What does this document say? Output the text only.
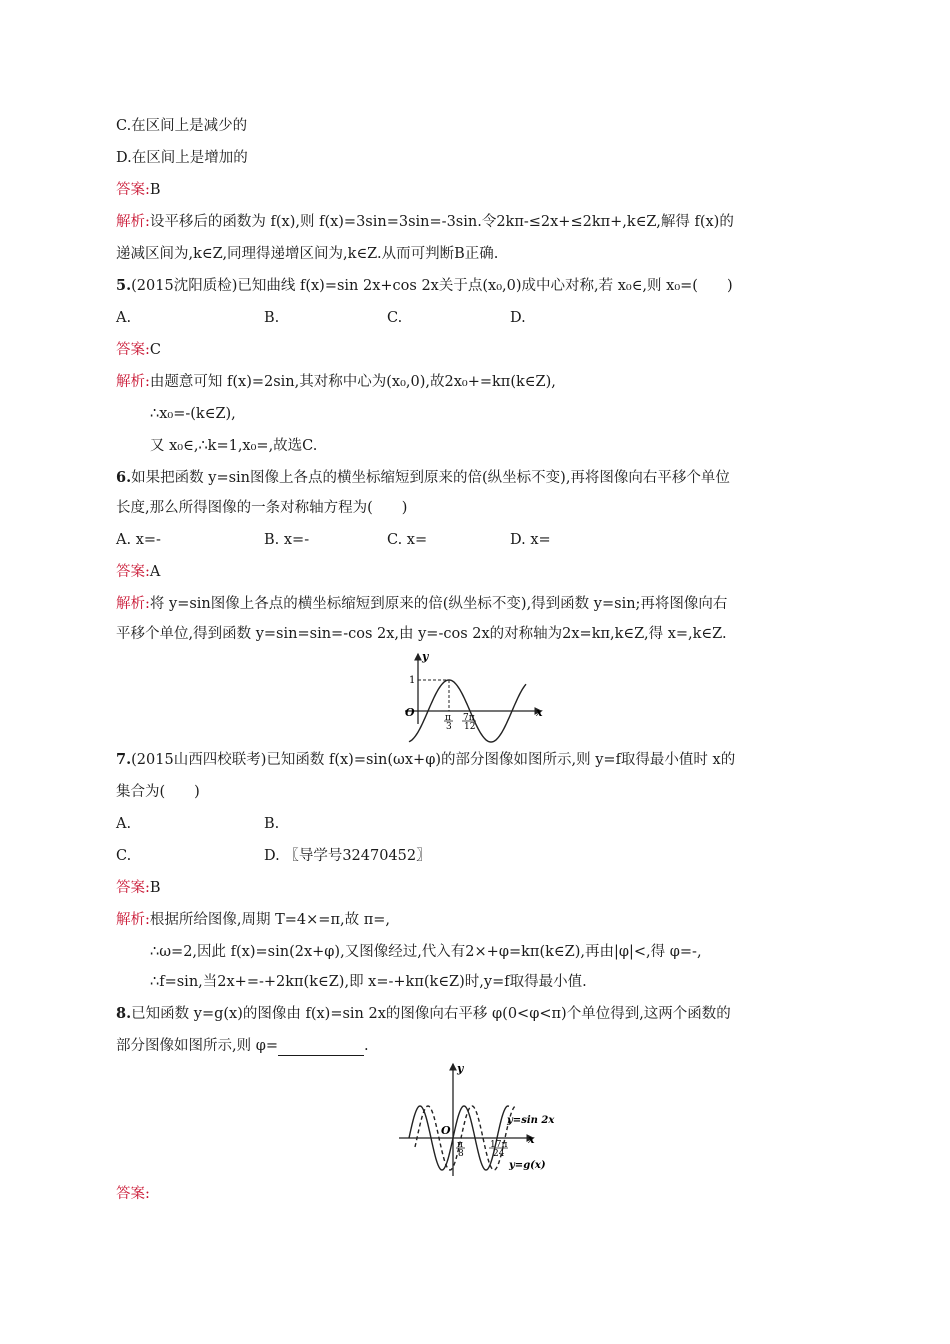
C.在区间上是减少的
D.在区间上是增加的
答案:B
解析:设平移后的函数为 f(x),则 f(x)=3sin=3sin=-3sin.令2kπ-≤2x+≤2kπ+,k∈Z,解得 f(x)的
递减区间为,k∈Z,同理得递增区间为,k∈Z.从而可判断B正确.
5.(2015沈阳质检)已知曲线 f(x)=sin 2x+cos 2x关于点(x₀,0)成中心对称,若 x₀∈,则 x₀=(　　)
A.	B.	C.	D.
答案:C
解析:由题意可知 f(x)=2sin,其对称中心为(x₀,0),故2x₀+=kπ(k∈Z),
∴x₀=-(k∈Z),
又 x₀∈,∴k=1,x₀=,故选C.
6.如果把函数 y=sin图像上各点的横坐标缩短到原来的倍(纵坐标不变),再将图像向右平移个单位
长度,那么所得图像的一条对称轴方程为(　　)
A. x=-	B. x=-	C. x=	D. x=
答案:A
解析:将 y=sin图像上各点的横坐标缩短到原来的倍(纵坐标不变),得到函数 y=sin;再将图像向右
平移个单位,得到函数 y=sin=sin=-cos 2x,由 y=-cos 2x的对称轴为2x=kπ,k∈Z,得 x=,k∈Z.
y
x
O
1
π
3
7π
12
7.(2015山西四校联考)已知函数 f(x)=sin(ωx+φ)的部分图像如图所示,则 y=f取得最小值时 x的
集合为(　　)
A.	B.
C.	D. 〖导学号32470452〗
答案:B
解析:根据所给图像,周期 T=4×=π,故 π=,
∴ω=2,因此 f(x)=sin(2x+φ),又图像经过,代入有2×+φ=kπ(k∈Z),再由|φ|<,得 φ=-,
∴f=sin,当2x+=-+2kπ(k∈Z),即 x=-+kπ(k∈Z)时,y=f取得最小值.
8.已知函数 y=g(x)的图像由 f(x)=sin 2x的图像向右平移 φ(0<φ<π)个单位得到,这两个函数的
部分图像如图所示,则 φ=	.
y
x
O
π
8
17π
24
y=sin 2x
y=g(x)
答案:
